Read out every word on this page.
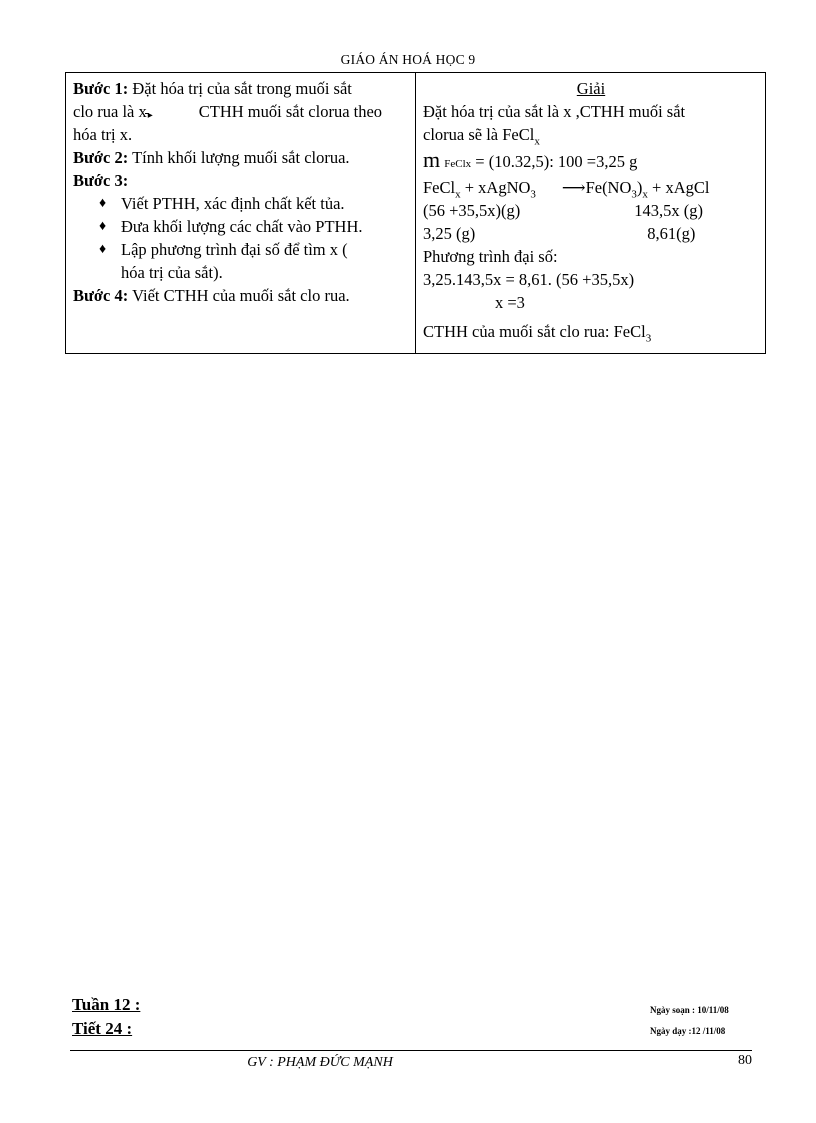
GIÁO ÁN HOÁ HỌC 9
Bước 1: Đặt hóa trị của sắt trong muối sắt
clo rua là x ▸	CTHH muối sắt clorua theo
hóa trị x.
Bước 2: Tính khối lượng muối sắt clorua.
Bước 3:
♦ Viết PTHH, xác định chất kết tủa.
♦ Đưa khối lượng các chất vào PTHH.
♦ Lập phương trình đại số để tìm x (
hóa trị của sắt).
Bước 4: Viết CTHH của muối sắt clo rua.

Giải
Đặt hóa trị của sắt là x ,CTHH muối sắt
clorua sẽ là FeCl$_x$
m FeClx = (10.32,5): 100 =3,25 g
FeCl$_x$ + xAgNO$_3$ $⟶Fe(NO_3)_x$ + xAgCl
(56 +35,5x)(g)	143,5x (g)
3,25 (g)	8,61(g)
Phương trình đại số:
3,25.143,5x = 8,61. (56 +35,5x)
x =3
CTHH của muối sắt clo rua: FeCl$_3$
Tuần 12 :
Tiết 24 :
Ngày soạn : 10/11/08
Ngày dạy :12 /11/08
GV : PHẠM ĐỨC MẠNH	80
